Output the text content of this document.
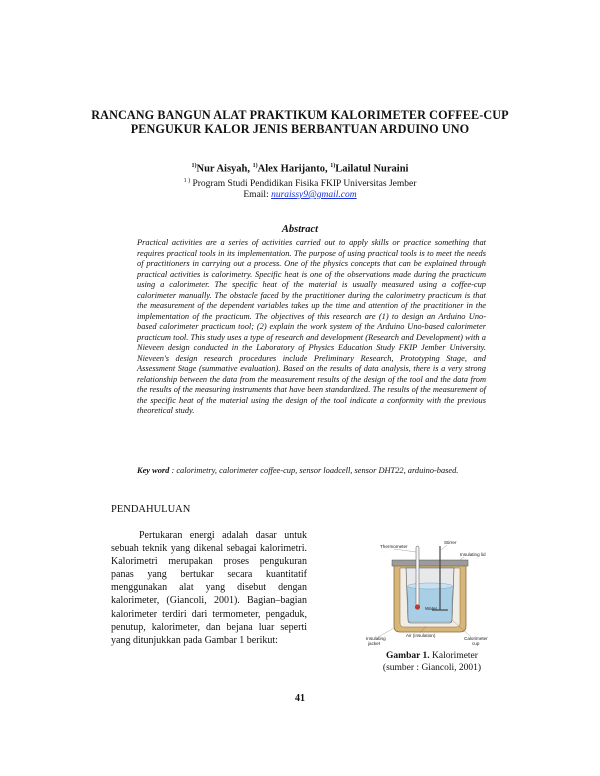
RANCANG BANGUN ALAT PRAKTIKUM KALORIMETER COFFEE-CUP
PENGUKUR KALOR JENIS BERBANTUAN ARDUINO UNO
$^{1)}$Nur Aisyah, $^{1)}$Alex Harijanto, $^{1)}$Lailatul Nuraini
$^{1 )}$ Program Studi Pendidikan Fisika FKIP Universitas Jember
Email: nuraissy9@gmail.com
Abstract
Practical activities are a series of activities carried out to apply skills or practice something that requires practical tools in its implementation. The purpose of using practical tools is to meet the needs of practitioners in carrying out a process. One of the physics concepts that can be explained through practical activities is calorimetry. Specific heat is one of the observations made during the practicum using a calorimeter. The specific heat of the material is usually measured using a coffee-cup calorimeter manually. The obstacle faced by the practitioner during the calorimetry practicum is that the measurement of the dependent variables takes up the time and attention of the practitioner in the implementation of the practicum. The objectives of this research are (1) to design an Arduino Uno-based calorimeter practicum tool; (2) explain the work system of the Arduino Uno-based calorimeter practicum tool. This study uses a type of research and development (Research and Development) with a Nieveen design conducted in the Laboratory of Physics Education Study FKIP Jember University. Nieveen's design research procedures include Preliminary Research, Prototyping Stage, and Assessment Stage (summative evaluation). Based on the results of data analysis, there is a very strong relationship between the data from the measurement results of the design of the tool and the data from the results of the measuring instruments that have been standardized. The results of the measurement of the specific heat of the material using the design of the tool indicate a conformity with the previous theoretical study.
Key word : calorimetry, calorimeter coffee-cup, sensor loadcell, sensor DHT22, arduino-based.
PENDAHULUAN
Pertukaran energi adalah dasar untuk sebuah teknik yang dikenal sebagai kalorimetri. Kalorimetri merupakan proses pengukuran panas yang bertukar secara kuantitatif menggunakan alat yang disebut dengan kalorimeter, (Giancoli, 2001). Bagian–bagian kalorimeter terdiri dari termometer, pengaduk, penutup, kalorimeter, dan bejana luar seperti yang ditunjukkan pada Gambar 1 berikut:
Thermometer
Stirrer
Insulating lid
Water
Air (insulation)
Insulating
jacket
Calorimeter
cup
Gambar 1. Kalorimeter
(sumber : Giancoli, 2001)
41
